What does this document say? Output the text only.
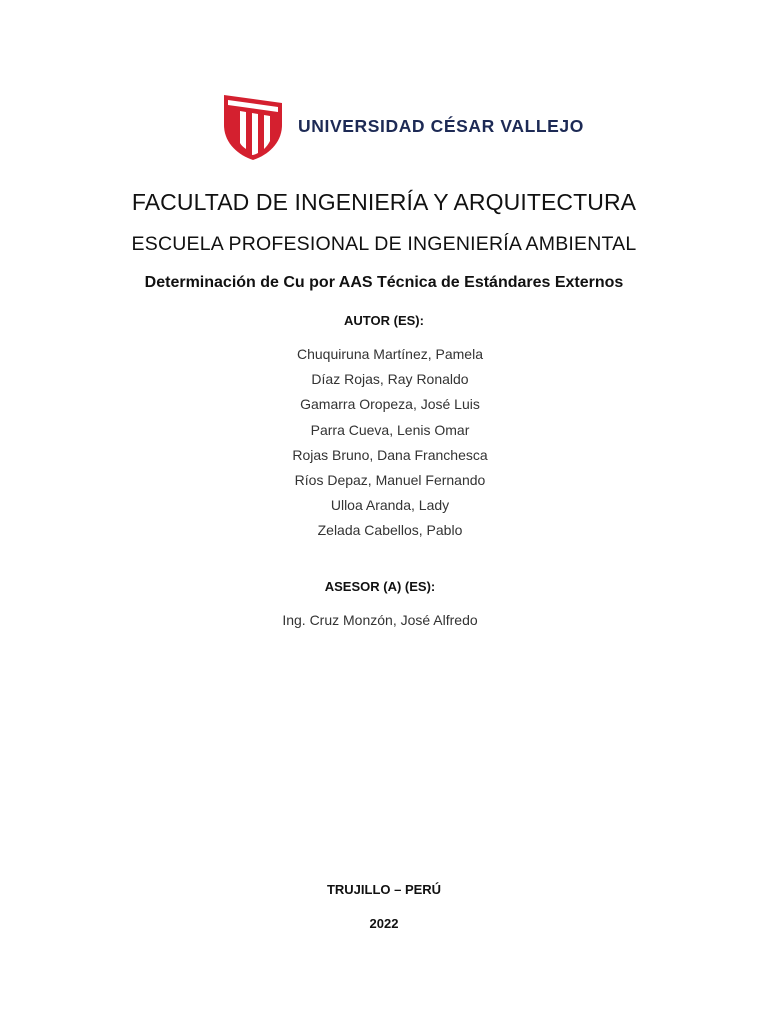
UNIVERSIDAD CÉSAR VALLEJO
FACULTAD DE INGENIERÍA Y ARQUITECTURA
ESCUELA PROFESIONAL DE INGENIERÍA AMBIENTAL
Determinación de Cu por AAS Técnica de Estándares Externos
AUTOR (ES):
Chuquiruna Martínez, Pamela
Díaz Rojas, Ray Ronaldo
Gamarra Oropeza, José Luis
Parra Cueva, Lenis Omar
Rojas Bruno, Dana Franchesca
Ríos Depaz, Manuel Fernando
Ulloa Aranda, Lady
Zelada Cabellos, Pablo
ASESOR (A) (ES):
Ing. Cruz Monzón, José Alfredo
TRUJILLO – PERÚ
2022
